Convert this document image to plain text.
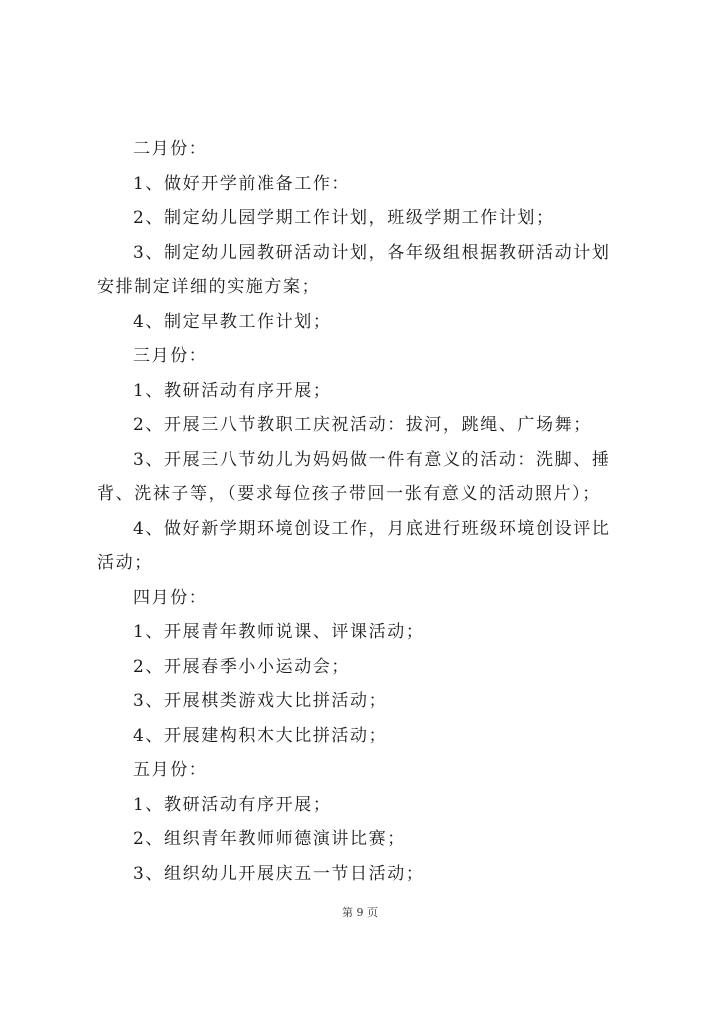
二月份：

1、做好开学前准备工作：

2、制定幼儿园学期工作计划，班级学期工作计划；

3、制定幼儿园教研活动计划，各年级组根据教研活动计划

安排制定详细的实施方案；

4、制定早教工作计划；

三月份：

1、教研活动有序开展；

2、开展三八节教职工庆祝活动：拔河，跳绳、广场舞；

3、开展三八节幼儿为妈妈做一件有意义的活动：洗脚、捶

背、洗袜子等，（要求每位孩子带回一张有意义的活动照片）；

4、做好新学期环境创设工作，月底进行班级环境创设评比

活动；

四月份：

1、开展青年教师说课、评课活动；

2、开展春季小小运动会；

3、开展棋类游戏大比拼活动；

4、开展建构积木大比拼活动；

五月份：

1、教研活动有序开展；

2、组织青年教师师德演讲比赛；

3、组织幼儿开展庆五一节日活动；

第 9 页
